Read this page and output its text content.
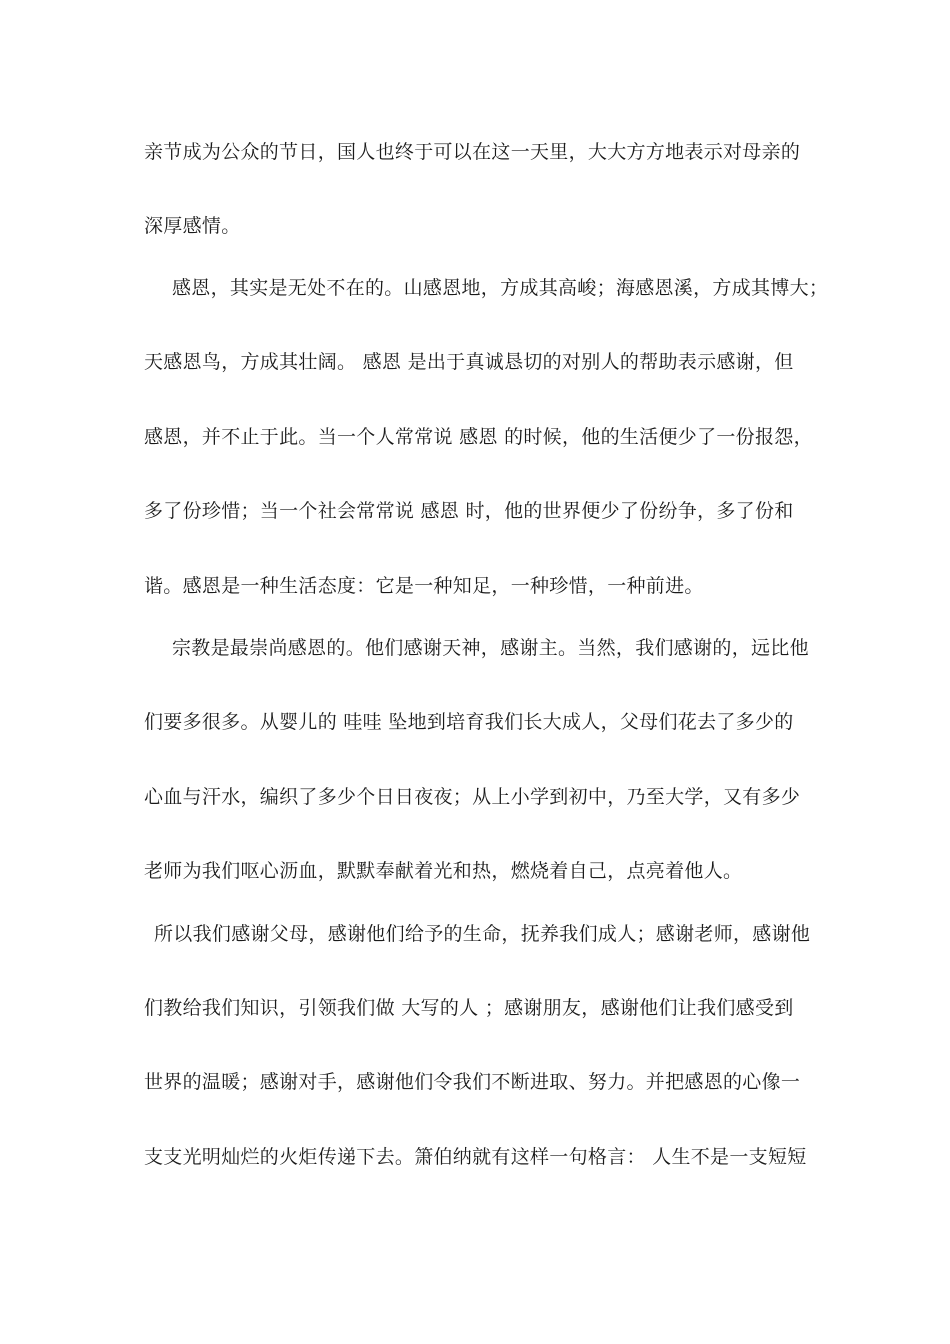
亲节成为公众的节日，国人也终于可以在这一天里，大大方方地表示对母亲的
深厚感情。
感恩，其实是无处不在的。山感恩地，方成其高峻；海感恩溪，方成其博大；
天感恩鸟，方成其壮阔。 感恩 是出于真诚恳切的对别人的帮助表示感谢，但
感恩，并不止于此。当一个人常常说 感恩 的时候，他的生活便少了一份报怨，
多了份珍惜；当一个社会常常说 感恩 时，他的世界便少了份纷争，多了份和
谐。感恩是一种生活态度：它是一种知足，一种珍惜，一种前进。
宗教是最崇尚感恩的。他们感谢天神，感谢主。当然，我们感谢的，远比他
们要多很多。从婴儿的 哇哇 坠地到培育我们长大成人，父母们花去了多少的
心血与汗水，编织了多少个日日夜夜；从上小学到初中，乃至大学，又有多少
老师为我们呕心沥血，默默奉献着光和热，燃烧着自己，点亮着他人。
所以我们感谢父母，感谢他们给予的生命，抚养我们成人；感谢老师，感谢他
们教给我们知识，引领我们做 大写的人 ；感谢朋友，感谢他们让我们感受到
世界的温暖；感谢对手，感谢他们令我们不断进取、努力。并把感恩的心像一
支支光明灿烂的火炬传递下去。箫伯纳就有这样一句格言： 人生不是一支短短
